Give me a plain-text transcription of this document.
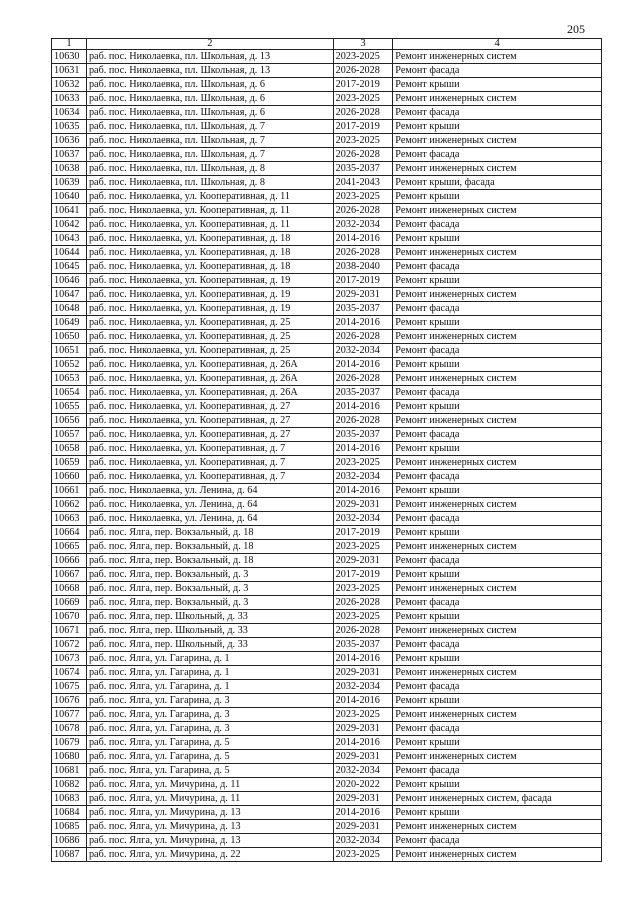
205
1	2	3	4
10630	раб. пос. Николаевка, пл. Школьная, д. 13	2023-2025	Ремонт инженерных систем
10631	раб. пос. Николаевка, пл. Школьная, д. 13	2026-2028	Ремонт фасада
10632	раб. пос. Николаевка, пл. Школьная, д. 6	2017-2019	Ремонт крыши
10633	раб. пос. Николаевка, пл. Школьная, д. 6	2023-2025	Ремонт инженерных систем
10634	раб. пос. Николаевка, пл. Школьная, д. 6	2026-2028	Ремонт фасада
10635	раб. пос. Николаевка, пл. Школьная, д. 7	2017-2019	Ремонт крыши
10636	раб. пос. Николаевка, пл. Школьная, д. 7	2023-2025	Ремонт инженерных систем
10637	раб. пос. Николаевка, пл. Школьная, д. 7	2026-2028	Ремонт фасада
10638	раб. пос. Николаевка, пл. Школьная, д. 8	2035-2037	Ремонт инженерных систем
10639	раб. пос. Николаевка, пл. Школьная, д. 8	2041-2043	Ремонт крыши, фасада
10640	раб. пос. Николаевка, ул. Кооперативная, д. 11	2023-2025	Ремонт крыши
10641	раб. пос. Николаевка, ул. Кооперативная, д. 11	2026-2028	Ремонт инженерных систем
10642	раб. пос. Николаевка, ул. Кооперативная, д. 11	2032-2034	Ремонт фасада
10643	раб. пос. Николаевка, ул. Кооперативная, д. 18	2014-2016	Ремонт крыши
10644	раб. пос. Николаевка, ул. Кооперативная, д. 18	2026-2028	Ремонт инженерных систем
10645	раб. пос. Николаевка, ул. Кооперативная, д. 18	2038-2040	Ремонт фасада
10646	раб. пос. Николаевка, ул. Кооперативная, д. 19	2017-2019	Ремонт крыши
10647	раб. пос. Николаевка, ул. Кооперативная, д. 19	2029-2031	Ремонт инженерных систем
10648	раб. пос. Николаевка, ул. Кооперативная, д. 19	2035-2037	Ремонт фасада
10649	раб. пос. Николаевка, ул. Кооперативная, д. 25	2014-2016	Ремонт крыши
10650	раб. пос. Николаевка, ул. Кооперативная, д. 25	2026-2028	Ремонт инженерных систем
10651	раб. пос. Николаевка, ул. Кооперативная, д. 25	2032-2034	Ремонт фасада
10652	раб. пос. Николаевка, ул. Кооперативная, д. 26А	2014-2016	Ремонт крыши
10653	раб. пос. Николаевка, ул. Кооперативная, д. 26А	2026-2028	Ремонт инженерных систем
10654	раб. пос. Николаевка, ул. Кооперативная, д. 26А	2035-2037	Ремонт фасада
10655	раб. пос. Николаевка, ул. Кооперативная, д. 27	2014-2016	Ремонт крыши
10656	раб. пос. Николаевка, ул. Кооперативная, д. 27	2026-2028	Ремонт инженерных систем
10657	раб. пос. Николаевка, ул. Кооперативная, д. 27	2035-2037	Ремонт фасада
10658	раб. пос. Николаевка, ул. Кооперативная, д. 7	2014-2016	Ремонт крыши
10659	раб. пос. Николаевка, ул. Кооперативная, д. 7	2023-2025	Ремонт инженерных систем
10660	раб. пос. Николаевка, ул. Кооперативная, д. 7	2032-2034	Ремонт фасада
10661	раб. пос. Николаевка, ул. Ленина, д. 64	2014-2016	Ремонт крыши
10662	раб. пос. Николаевка, ул. Ленина, д. 64	2029-2031	Ремонт инженерных систем
10663	раб. пос. Николаевка, ул. Ленина, д. 64	2032-2034	Ремонт фасада
10664	раб. пос. Ялга, пер. Вокзальный, д. 18	2017-2019	Ремонт крыши
10665	раб. пос. Ялга, пер. Вокзальный, д. 18	2023-2025	Ремонт инженерных систем
10666	раб. пос. Ялга, пер. Вокзальный, д. 18	2029-2031	Ремонт фасада
10667	раб. пос. Ялга, пер. Вокзальный, д. 3	2017-2019	Ремонт крыши
10668	раб. пос. Ялга, пер. Вокзальный, д. 3	2023-2025	Ремонт инженерных систем
10669	раб. пос. Ялга, пер. Вокзальный, д. 3	2026-2028	Ремонт фасада
10670	раб. пос. Ялга, пер. Школьный, д. 33	2023-2025	Ремонт крыши
10671	раб. пос. Ялга, пер. Школьный, д. 33	2026-2028	Ремонт инженерных систем
10672	раб. пос. Ялга, пер. Школьный, д. 33	2035-2037	Ремонт фасада
10673	раб. пос. Ялга, ул. Гагарина, д. 1	2014-2016	Ремонт крыши
10674	раб. пос. Ялга, ул. Гагарина, д. 1	2029-2031	Ремонт инженерных систем
10675	раб. пос. Ялга, ул. Гагарина, д. 1	2032-2034	Ремонт фасада
10676	раб. пос. Ялга, ул. Гагарина, д. 3	2014-2016	Ремонт крыши
10677	раб. пос. Ялга, ул. Гагарина, д. 3	2023-2025	Ремонт инженерных систем
10678	раб. пос. Ялга, ул. Гагарина, д. 3	2029-2031	Ремонт фасада
10679	раб. пос. Ялга, ул. Гагарина, д. 5	2014-2016	Ремонт крыши
10680	раб. пос. Ялга, ул. Гагарина, д. 5	2029-2031	Ремонт инженерных систем
10681	раб. пос. Ялга, ул. Гагарина, д. 5	2032-2034	Ремонт фасада
10682	раб. пос. Ялга, ул. Мичурина, д. 11	2020-2022	Ремонт крыши
10683	раб. пос. Ялга, ул. Мичурина, д. 11	2029-2031	Ремонт инженерных систем, фасада
10684	раб. пос. Ялга, ул. Мичурина, д. 13	2014-2016	Ремонт крыши
10685	раб. пос. Ялга, ул. Мичурина, д. 13	2029-2031	Ремонт инженерных систем
10686	раб. пос. Ялга, ул. Мичурина, д. 13	2032-2034	Ремонт фасада
10687	раб. пос. Ялга, ул. Мичурина, д. 22	2023-2025	Ремонт инженерных систем
